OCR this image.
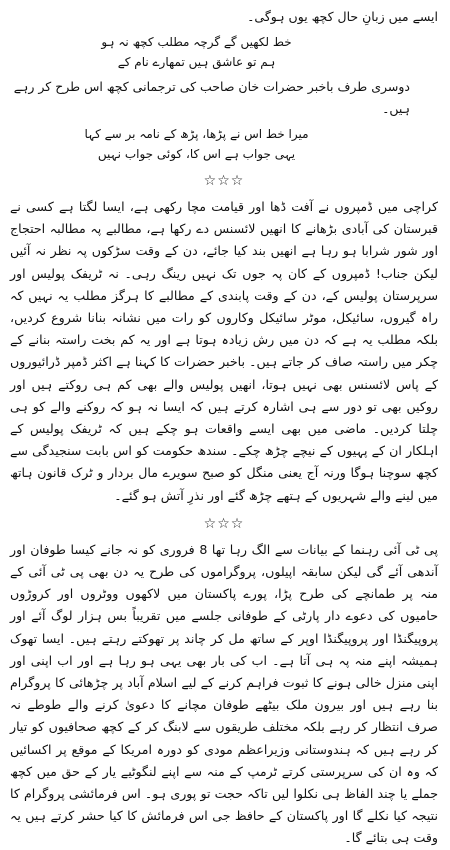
ایسے میں زبانِ حال کچھ یوں ہوگی۔

خط لکھیں گے گرچہ مطلب کچھ نہ ہو

ہم تو عاشق ہیں تمھارے نام کے

دوسری طرف باخبر حضرات خان صاحب کی ترجمانی کچھ اس طرح کر رہے ہیں۔

میرا خط اس نے پڑھا، پڑھ کے نامہ بر سے کہا

یہی جواب ہے اس کا، کوئی جواب نہیں

☆☆☆

کراچی میں ڈمپروں نے آفت ڈھا اور قیامت مچا رکھی ہے، ایسا لگتا ہے کسی نے قبرستان کی آبادی بڑھانے کا انھیں لائسنس دے رکھا ہے، مطالبے پہ مطالبہ احتجاج اور شور شرابا ہو رہا ہے انھیں بند کیا جائے، دن کے وقت سڑکوں پہ نظر نہ آئیں لیکن جناب! ڈمپروں کے کان پہ جوں تک نہیں رینگ رہی۔ نہ ٹریفک پولیس اور سرپرستان پولیس کے، دن کے وقت پابندی کے مطالبے کا ہرگز مطلب یہ نہیں کہ راہ گیروں، سائیکل، موٹر سائیکل وکاروں کو رات میں نشانہ بنانا شروع کردیں، بلکہ مطلب یہ ہے کہ دن میں رش زیادہ ہوتا ہے اور یہ کم بخت راستہ بنانے کے چکر میں راستہ صاف کر جاتے ہیں۔ باخبر حضرات کا کہنا ہے اکثر ڈمپر ڈرائیوروں کے پاس لائسنس بھی نہیں ہوتا، انھیں پولیس والے بھی کم ہی روکتے ہیں اور روکیں بھی تو دور سے ہی اشارہ کرتے ہیں کہ ایسا نہ ہو کہ روکنے والے کو ہی چلتا کردیں۔ ماضی میں بھی ایسے واقعات ہو چکے ہیں کہ ٹریفک پولیس کے اہلکار ان کے پہیوں کے نیچے چڑھ چکے۔ سندھ حکومت کو اس بابت سنجیدگی سے کچھ سوچنا ہوگا ورنہ آج یعنی منگل کو صبح سویرے مال بردار و ٹرک قانون ہاتھ میں لینے والے شہریوں کے ہتھے چڑھ گئے اور نذرِ آتش ہو گئے۔

☆☆☆

پی ٹی آئی رہنما کے بیانات سے الگ رہا تھا 8 فروری کو نہ جانے کیسا طوفان اور آندھی آئے گی لیکن سابقہ اپیلوں، پروگراموں کی طرح یہ دن بھی پی ٹی آئی کے منہ پر طمانچے کی طرح پڑا، پورے پاکستان میں لاکھوں ووٹروں اور کروڑوں حامیوں کی دعوے دار پارٹی کے طوفانی جلسے میں تقریباً بس ہزار لوگ آئے اور پروپیگنڈا اور پروپیگنڈا اوپر کے ساتھ مل کر چاند پر تھوکتے رہتے ہیں۔ ایسا تھوک ہمیشہ اپنے منہ پہ ہی آتا ہے۔ اب کی بار بھی یہی ہو رہا ہے اور اب اپنی اور اپنی منزل خالی ہونے کا ثبوت فراہم کرنے کے لیے اسلام آباد پر چڑھائی کا پروگرام بنا رہے ہیں اور بیرون ملک بیٹھے طوفان مچانے کا دعویٰ کرنے والے طوطے نہ صرف انتظار کر رہے بلکہ مختلف طریقوں سے لابنگ کر کے کچھ صحافیوں کو تیار کر رہے ہیں کہ ہندوستانی وزیراعظم مودی کو دورہ امریکا کے موقع پر اکسائیں کہ وہ ان کی سرپرستی کرتے ٹرمپ کے منہ سے اپنے لنگوٹیے یار کے حق میں کچھ جملے یا چند الفاظ ہی نکلوا لیں تاکہ حجت تو پوری ہو۔ اس فرمائشی پروگرام کا نتیجہ کیا نکلے گا اور پاکستان کے حافظ جی اس فرمائش کا کیا حشر کرتے ہیں یہ وقت ہی بتائے گا۔
